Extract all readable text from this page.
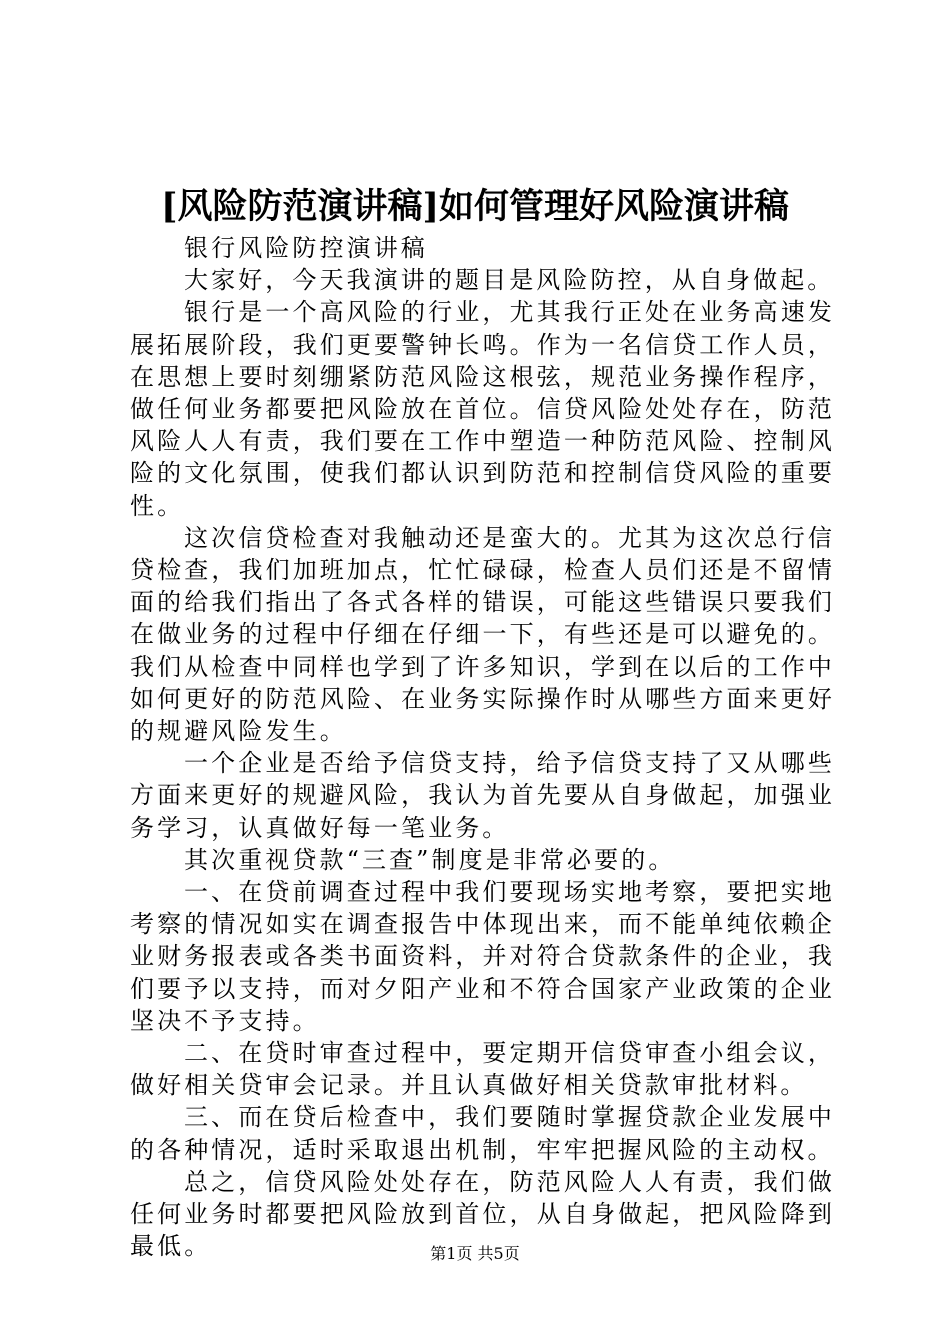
[风险防范演讲稿]如何管理好风险演讲稿

银行风险防控演讲稿

大家好，今天我演讲的题目是风险防控，从自身做起。

银行是一个高风险的行业，尤其我行正处在业务高速发展拓展阶段，我们更要警钟长鸣。作为一名信贷工作人员，在思想上要时刻绷紧防范风险这根弦，规范业务操作程序，做任何业务都要把风险放在首位。信贷风险处处存在，防范风险人人有责，我们要在工作中塑造一种防范风险、控制风险的文化氛围，使我们都认识到防范和控制信贷风险的重要性。

这次信贷检查对我触动还是蛮大的。尤其为这次总行信贷检查，我们加班加点，忙忙碌碌，检查人员们还是不留情面的给我们指出了各式各样的错误，可能这些错误只要我们在做业务的过程中仔细在仔细一下，有些还是可以避免的。我们从检查中同样也学到了许多知识，学到在以后的工作中如何更好的防范风险、在业务实际操作时从哪些方面来更好的规避风险发生。

一个企业是否给予信贷支持，给予信贷支持了又从哪些方面来更好的规避风险，我认为首先要从自身做起，加强业务学习，认真做好每一笔业务。

其次重视贷款“三查”制度是非常必要的。

一、在贷前调查过程中我们要现场实地考察，要把实地考察的情况如实在调查报告中体现出来，而不能单纯依赖企业财务报表或各类书面资料，并对符合贷款条件的企业，我们要予以支持，而对夕阳产业和不符合国家产业政策的企业坚决不予支持。

二、在贷时审查过程中，要定期开信贷审查小组会议，做好相关贷审会记录。并且认真做好相关贷款审批材料。

三、而在贷后检查中，我们要随时掌握贷款企业发展中的各种情况，适时采取退出机制，牢牢把握风险的主动权。

总之，信贷风险处处存在，防范风险人人有责，我们做任何业务时都要把风险放到首位，从自身做起，把风险降到最低。	第1页 共5页
